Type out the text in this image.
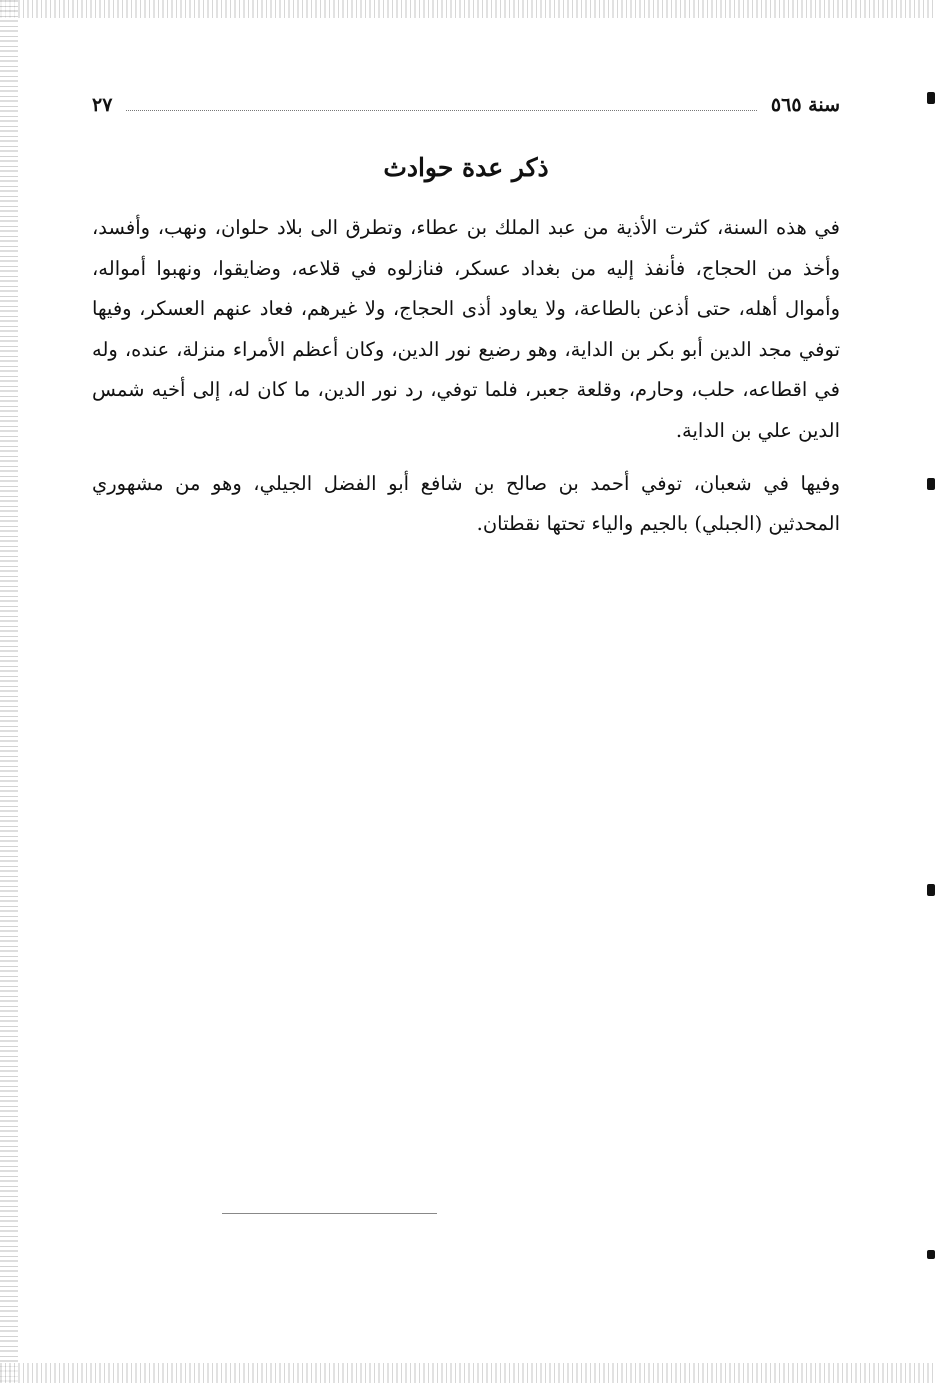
٢٧	سنة ٥٦٥
ذكر عدة حوادث

في هذه السنة، كثرت الأذية من عبد الملك بن عطاء، وتطرق الى بلاد حلوان، ونهب، وأفسد، وأخذ من الحجاج، فأنفذ إليه من بغداد عسكر، فنازلوه في قلاعه، وضايقوا، ونهبوا أمواله، وأموال أهله، حتى أذعن بالطاعة، ولا يعاود أذى الحجاج، ولا غيرهم، فعاد عنهم العسكر، وفيها توفي مجد الدين أبو بكر بن الداية، وهو رضيع نور الدين، وكان أعظم الأمراء منزلة، عنده، وله في اقطاعه، حلب، وحارم، وقلعة جعبر، فلما توفي، رد نور الدين، ما كان له، إلى أخيه شمس الدين علي بن الداية.

وفيها في شعبان، توفي أحمد بن صالح بن شافع أبو الفضل الجيلي، وهو من مشهوري المحدثين (الجبلي) بالجيم والياء تحتها نقطتان.
